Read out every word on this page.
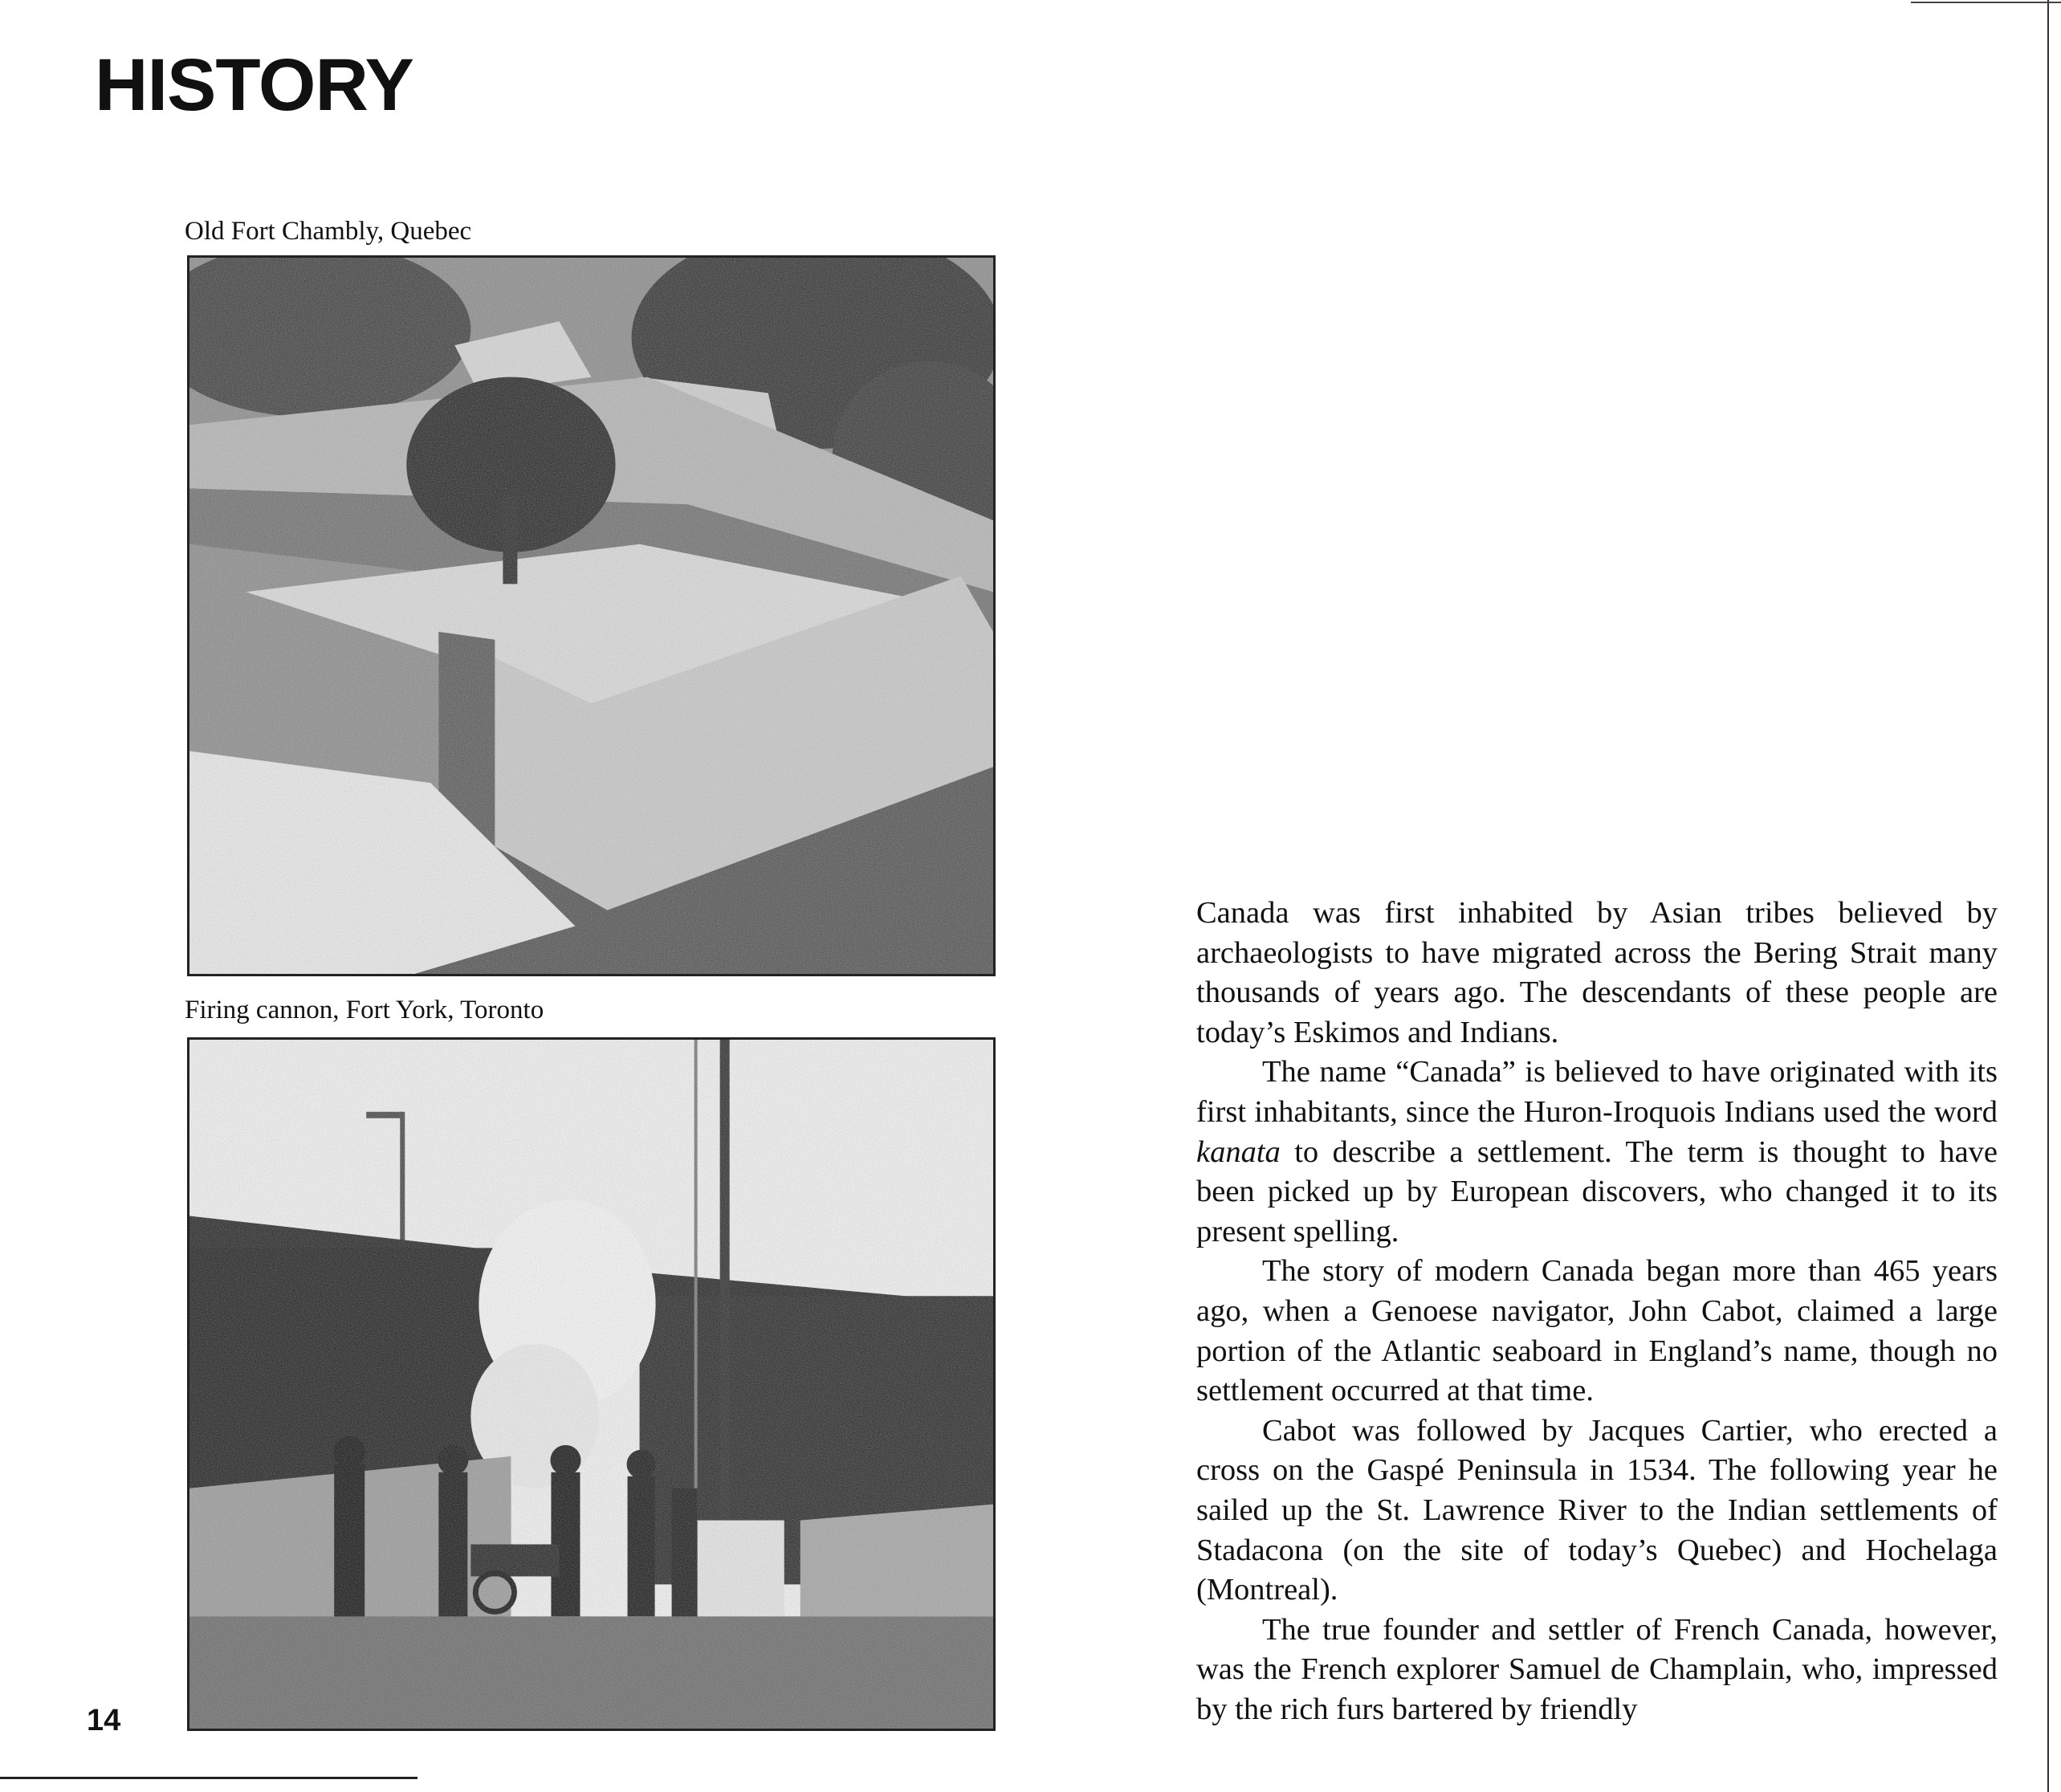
HISTORY
Old Fort Chambly, Quebec
Firing cannon, Fort York, Toronto

Canada was first inhabited by Asian tribes believed by archaeologists to have migrated across the Bering Strait many thousands of years ago. The descendants of these people are today’s Eskimos and Indians.

The name “Canada” is believed to have originated with its first inhabitants, since the Huron-Iroquois Indians used the word kanata to describe a settlement. The term is thought to have been picked up by European discovers, who changed it to its present spelling.

The story of modern Canada began more than 465 years ago, when a Genoese navigator, John Cabot, claimed a large portion of the Atlantic seaboard in England’s name, though no settlement occurred at that time.

Cabot was followed by Jacques Cartier, who erected a cross on the Gaspé Peninsula in 1534. The following year he sailed up the St. Lawrence River to the Indian settlements of Stadacona (on the site of today’s Quebec) and Hochelaga (Montreal).

The true founder and settler of French Canada, however, was the French explorer Samuel de Champlain, who, impressed by the rich furs bartered by friendly

14
